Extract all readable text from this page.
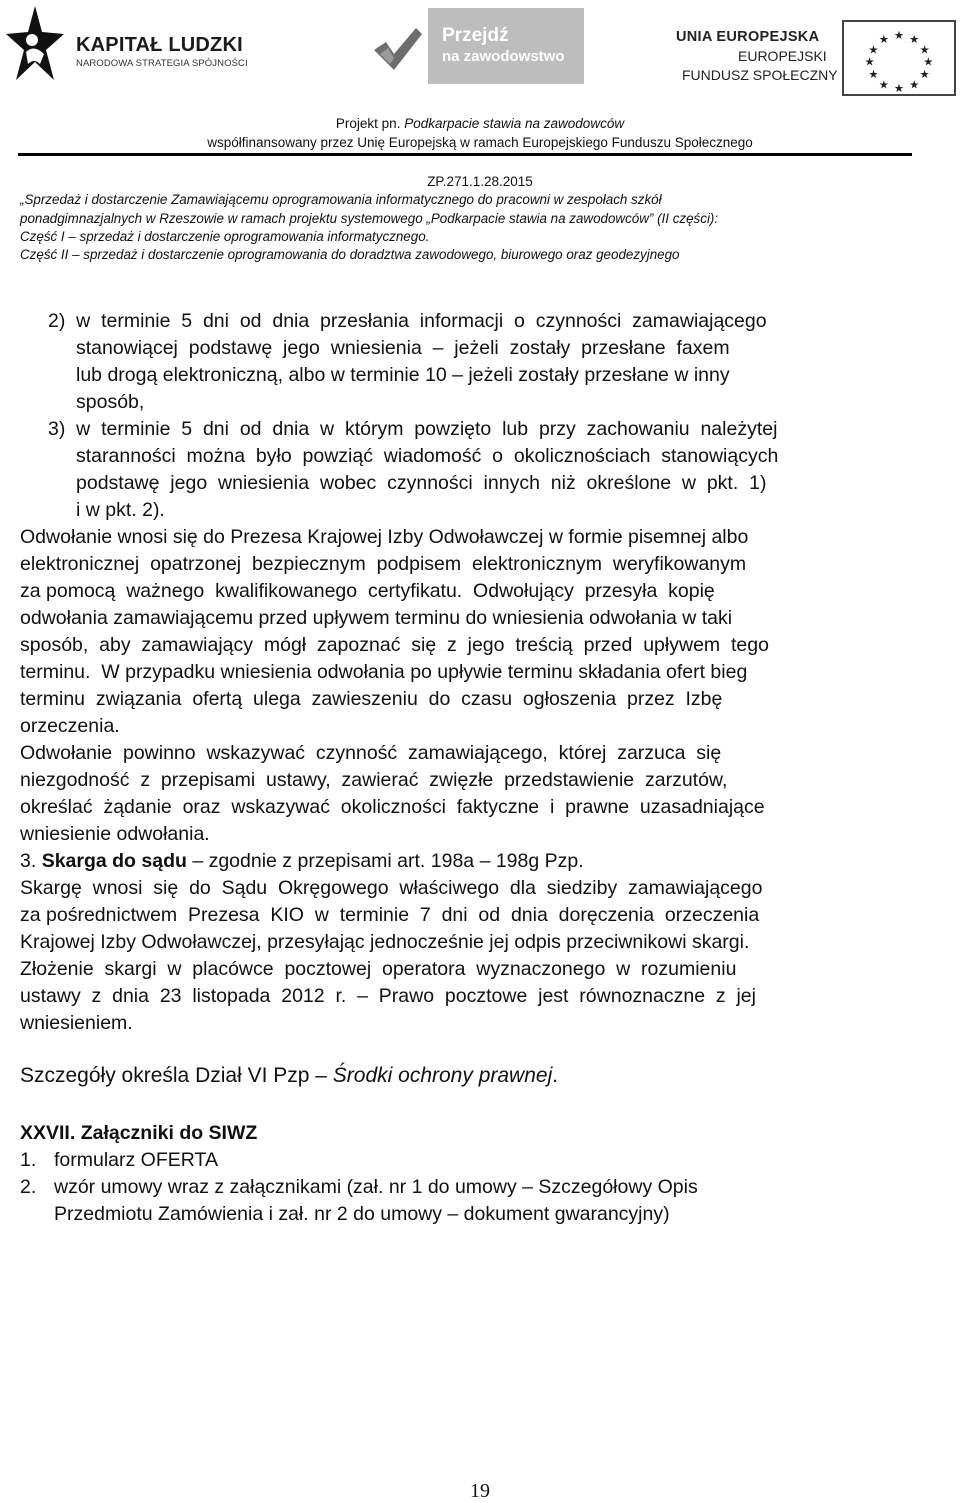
KAPITAŁ LUDZKI
NARODOWA STRATEGIA SPÓJNOŚCI
Przejdź
na zawodowstwo
UNIA EUROPEJSKA
EUROPEJSKI
FUNDUSZ SPOŁECZNY
★ ★
★
★
★
★
★
★
★
★
★
★
Projekt pn. Podkarpacie stawia na zawodowców
współfinansowany przez Unię Europejską w ramach Europejskiego Funduszu Społecznego
ZP.271.1.28.2015
„Sprzedaż i dostarczenie Zamawiającemu oprogramowania informatycznego do pracowni w zespołach szkół
ponadgimnazjalnych w Rzeszowie w ramach projektu systemowego „Podkarpacie stawia na zawodowców” (II części):
Część I – sprzedaż i dostarczenie oprogramowania informatycznego.
Część II – sprzedaż i dostarczenie oprogramowania do doradztwa zawodowego, biurowego oraz geodezyjnego
2)  w  terminie  5  dni  od  dnia  przesłania  informacji  o  czynności  zamawiającego
stanowiącej  podstawę  jego  wniesienia  –  jeżeli  zostały  przesłane  faxem
lub drogą elektroniczną, albo w terminie 10 – jeżeli zostały przesłane w inny
sposób,
3)  w  terminie  5  dni  od  dnia  w  którym  powzięto  lub  przy  zachowaniu  należytej
staranności  można  było  powziąć  wiadomość  o  okolicznościach  stanowiących
podstawę  jego  wniesienia  wobec  czynności  innych  niż  określone  w  pkt.  1)
i w pkt. 2).
Odwołanie wnosi się do Prezesa Krajowej Izby Odwoławczej w formie pisemnej albo
elektronicznej  opatrzonej  bezpiecznym  podpisem  elektronicznym  weryfikowanym
za pomocą  ważnego  kwalifikowanego  certyfikatu.  Odwołujący  przesyła  kopię
odwołania zamawiającemu przed upływem terminu do wniesienia odwołania w taki
sposób,  aby  zamawiający  mógł  zapoznać  się  z  jego  treścią  przed  upływem  tego
terminu.  W przypadku wniesienia odwołania po upływie terminu składania ofert bieg
terminu  związania  ofertą  ulega  zawieszeniu  do  czasu  ogłoszenia  przez  Izbę
orzeczenia.
Odwołanie  powinno  wskazywać  czynność  zamawiającego,  której  zarzuca  się
niezgodność  z  przepisami  ustawy,  zawierać  zwięzłe  przedstawienie  zarzutów,
określać  żądanie  oraz  wskazywać  okoliczności  faktyczne  i  prawne  uzasadniające
wniesienie odwołania.
3. Skarga do sądu – zgodnie z przepisami art. 198a – 198g Pzp.
Skargę  wnosi  się  do  Sądu  Okręgowego  właściwego  dla  siedziby  zamawiającego
za pośrednictwem  Prezesa  KIO  w  terminie  7  dni  od  dnia  doręczenia  orzeczenia
Krajowej Izby Odwoławczej, przesyłając jednocześnie jej odpis przeciwnikowi skargi.
Złożenie  skargi  w  placówce  pocztowej  operatora  wyznaczonego  w  rozumieniu
ustawy  z  dnia  23  listopada  2012  r.  –  Prawo  pocztowe  jest  równoznaczne  z  jej
wniesieniem.
Szczegóły określa Dział VI Pzp – Środki ochrony prawnej.
XXVII. Załączniki do SIWZ
1. formularz OFERTA
2. wzór umowy wraz z załącznikami (zał. nr 1 do umowy – Szczegółowy Opis
Przedmiotu Zamówienia i zał. nr 2 do umowy – dokument gwarancyjny)
19
